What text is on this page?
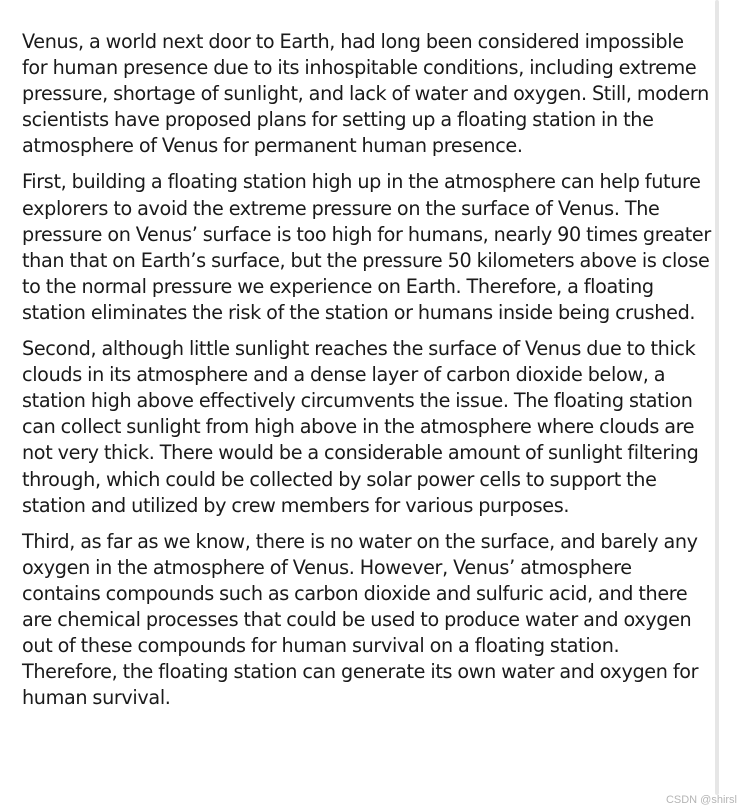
Venus, a world next door to Earth, had long been considered impossible for human presence due to its inhospitable conditions, including extreme pressure, shortage of sunlight, and lack of water and oxygen. Still, modern scientists have proposed plans for setting up a floating station in the atmosphere of Venus for permanent human presence.

First, building a floating station high up in the atmosphere can help future explorers to avoid the extreme pressure on the surface of Venus. The pressure on Venus’ surface is too high for humans, nearly 90 times greater than that on Earth’s surface, but the pressure 50 kilometers above is close to the normal pressure we experience on Earth. Therefore, a floating station eliminates the risk of the station or humans inside being crushed.

Second, although little sunlight reaches the surface of Venus due to thick clouds in its atmosphere and a dense layer of carbon dioxide below, a station high above effectively circumvents the issue. The floating station can collect sunlight from high above in the atmosphere where clouds are not very thick. There would be a considerable amount of sunlight filtering through, which could be collected by solar power cells to support the station and utilized by crew members for various purposes.

Third, as far as we know, there is no water on the surface, and barely any oxygen in the atmosphere of Venus. However, Venus’ atmosphere contains compounds such as carbon dioxide and sulfuric acid, and there are chemical processes that could be used to produce water and oxygen out of these compounds for human survival on a floating station. Therefore, the floating station can generate its own water and oxygen for human survival.

CSDN @shirsl
